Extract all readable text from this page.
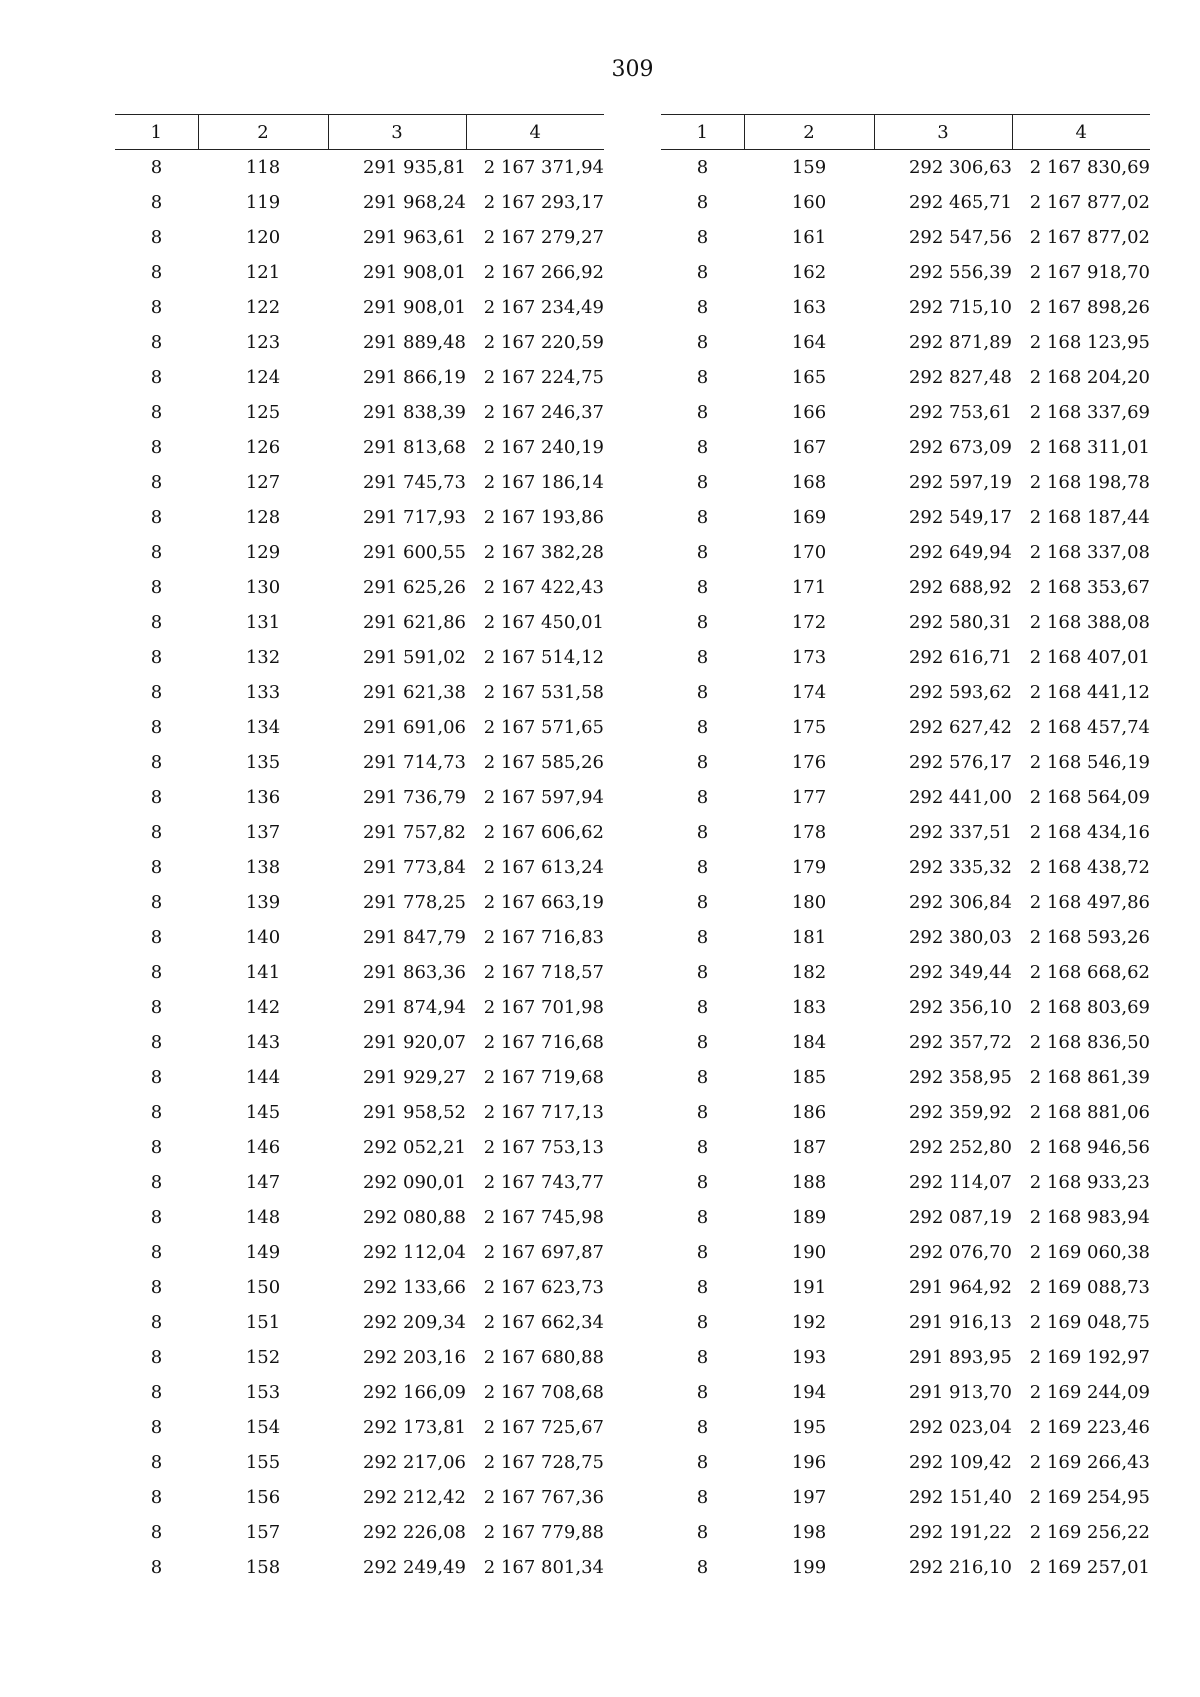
309
1	2	3	4
8	118	291 935,81	2 167 371,94
8	119	291 968,24	2 167 293,17
8	120	291 963,61	2 167 279,27
8	121	291 908,01	2 167 266,92
8	122	291 908,01	2 167 234,49
8	123	291 889,48	2 167 220,59
8	124	291 866,19	2 167 224,75
8	125	291 838,39	2 167 246,37
8	126	291 813,68	2 167 240,19
8	127	291 745,73	2 167 186,14
8	128	291 717,93	2 167 193,86
8	129	291 600,55	2 167 382,28
8	130	291 625,26	2 167 422,43
8	131	291 621,86	2 167 450,01
8	132	291 591,02	2 167 514,12
8	133	291 621,38	2 167 531,58
8	134	291 691,06	2 167 571,65
8	135	291 714,73	2 167 585,26
8	136	291 736,79	2 167 597,94
8	137	291 757,82	2 167 606,62
8	138	291 773,84	2 167 613,24
8	139	291 778,25	2 167 663,19
8	140	291 847,79	2 167 716,83
8	141	291 863,36	2 167 718,57
8	142	291 874,94	2 167 701,98
8	143	291 920,07	2 167 716,68
8	144	291 929,27	2 167 719,68
8	145	291 958,52	2 167 717,13
8	146	292 052,21	2 167 753,13
8	147	292 090,01	2 167 743,77
8	148	292 080,88	2 167 745,98
8	149	292 112,04	2 167 697,87
8	150	292 133,66	2 167 623,73
8	151	292 209,34	2 167 662,34
8	152	292 203,16	2 167 680,88
8	153	292 166,09	2 167 708,68
8	154	292 173,81	2 167 725,67
8	155	292 217,06	2 167 728,75
8	156	292 212,42	2 167 767,36
8	157	292 226,08	2 167 779,88
8	158	292 249,49	2 167 801,34
1	2	3	4
8	159	292 306,63	2 167 830,69
8	160	292 465,71	2 167 877,02
8	161	292 547,56	2 167 877,02
8	162	292 556,39	2 167 918,70
8	163	292 715,10	2 167 898,26
8	164	292 871,89	2 168 123,95
8	165	292 827,48	2 168 204,20
8	166	292 753,61	2 168 337,69
8	167	292 673,09	2 168 311,01
8	168	292 597,19	2 168 198,78
8	169	292 549,17	2 168 187,44
8	170	292 649,94	2 168 337,08
8	171	292 688,92	2 168 353,67
8	172	292 580,31	2 168 388,08
8	173	292 616,71	2 168 407,01
8	174	292 593,62	2 168 441,12
8	175	292 627,42	2 168 457,74
8	176	292 576,17	2 168 546,19
8	177	292 441,00	2 168 564,09
8	178	292 337,51	2 168 434,16
8	179	292 335,32	2 168 438,72
8	180	292 306,84	2 168 497,86
8	181	292 380,03	2 168 593,26
8	182	292 349,44	2 168 668,62
8	183	292 356,10	2 168 803,69
8	184	292 357,72	2 168 836,50
8	185	292 358,95	2 168 861,39
8	186	292 359,92	2 168 881,06
8	187	292 252,80	2 168 946,56
8	188	292 114,07	2 168 933,23
8	189	292 087,19	2 168 983,94
8	190	292 076,70	2 169 060,38
8	191	291 964,92	2 169 088,73
8	192	291 916,13	2 169 048,75
8	193	291 893,95	2 169 192,97
8	194	291 913,70	2 169 244,09
8	195	292 023,04	2 169 223,46
8	196	292 109,42	2 169 266,43
8	197	292 151,40	2 169 254,95
8	198	292 191,22	2 169 256,22
8	199	292 216,10	2 169 257,01
